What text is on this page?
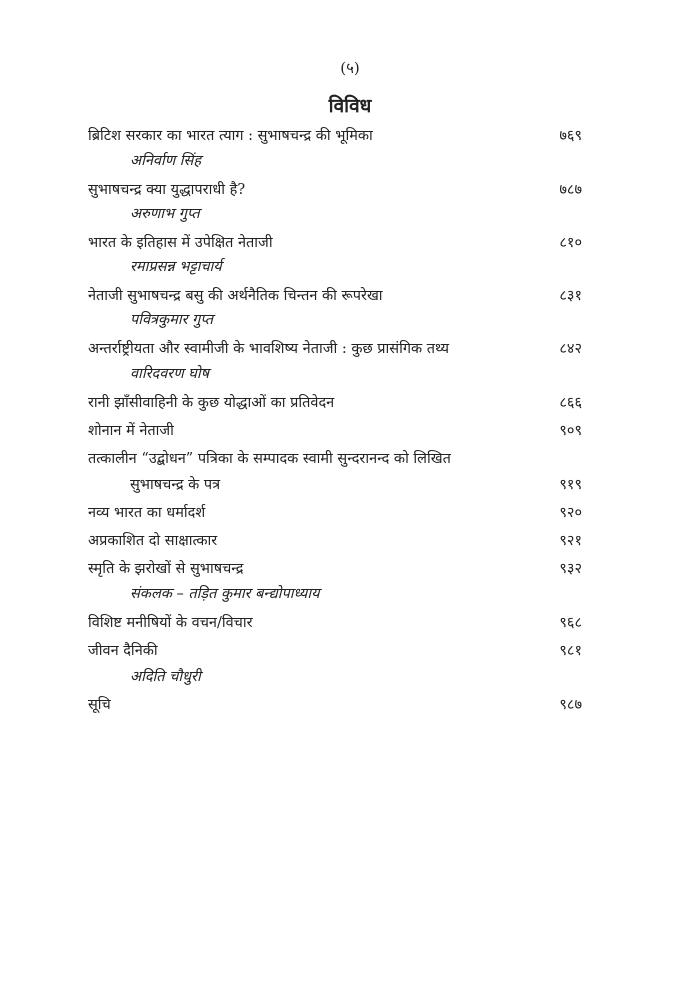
(५)
विविध
ब्रिटिश सरकार का भारत त्याग : सुभाषचन्द्र की भूमिका	७६९
अनिर्वाण सिंह
सुभाषचन्द्र क्या युद्धापराधी है?	७८७
अरुणाभ गुप्त
भारत के इतिहास में उपेक्षित नेताजी	८१०
रमाप्रसन्न भट्टाचार्य
नेताजी सुभाषचन्द्र बसु की अर्थनैतिक चिन्तन की रूपरेखा	८३१
पवित्रकुमार गुप्त
अन्तर्राष्ट्रीयता और स्वामीजी के भावशिष्य नेताजी : कुछ प्रासंगिक तथ्य	८४२
वारिदवरण घोष
रानी झाँसीवाहिनी के कुछ योद्धाओं का प्रतिवेदन	८६६
शोनान में नेताजी	९०९
तत्कालीन “उद्बोधन” पत्रिका के सम्पादक स्वामी सुन्दरानन्द को लिखित
सुभाषचन्द्र के पत्र	९१९
नव्य भारत का धर्मादर्श	९२०
अप्रकाशित दो साक्षात्कार	९२१
स्मृति के झरोखों से सुभाषचन्द्र	९३२
संकलक – तड़ित कुमार बन्द्योपाध्याय
विशिष्ट मनीषियों के वचन/विचार	९६८
जीवन दैनिकी	९८१
अदिति चौधुरी
सूचि	९८७
